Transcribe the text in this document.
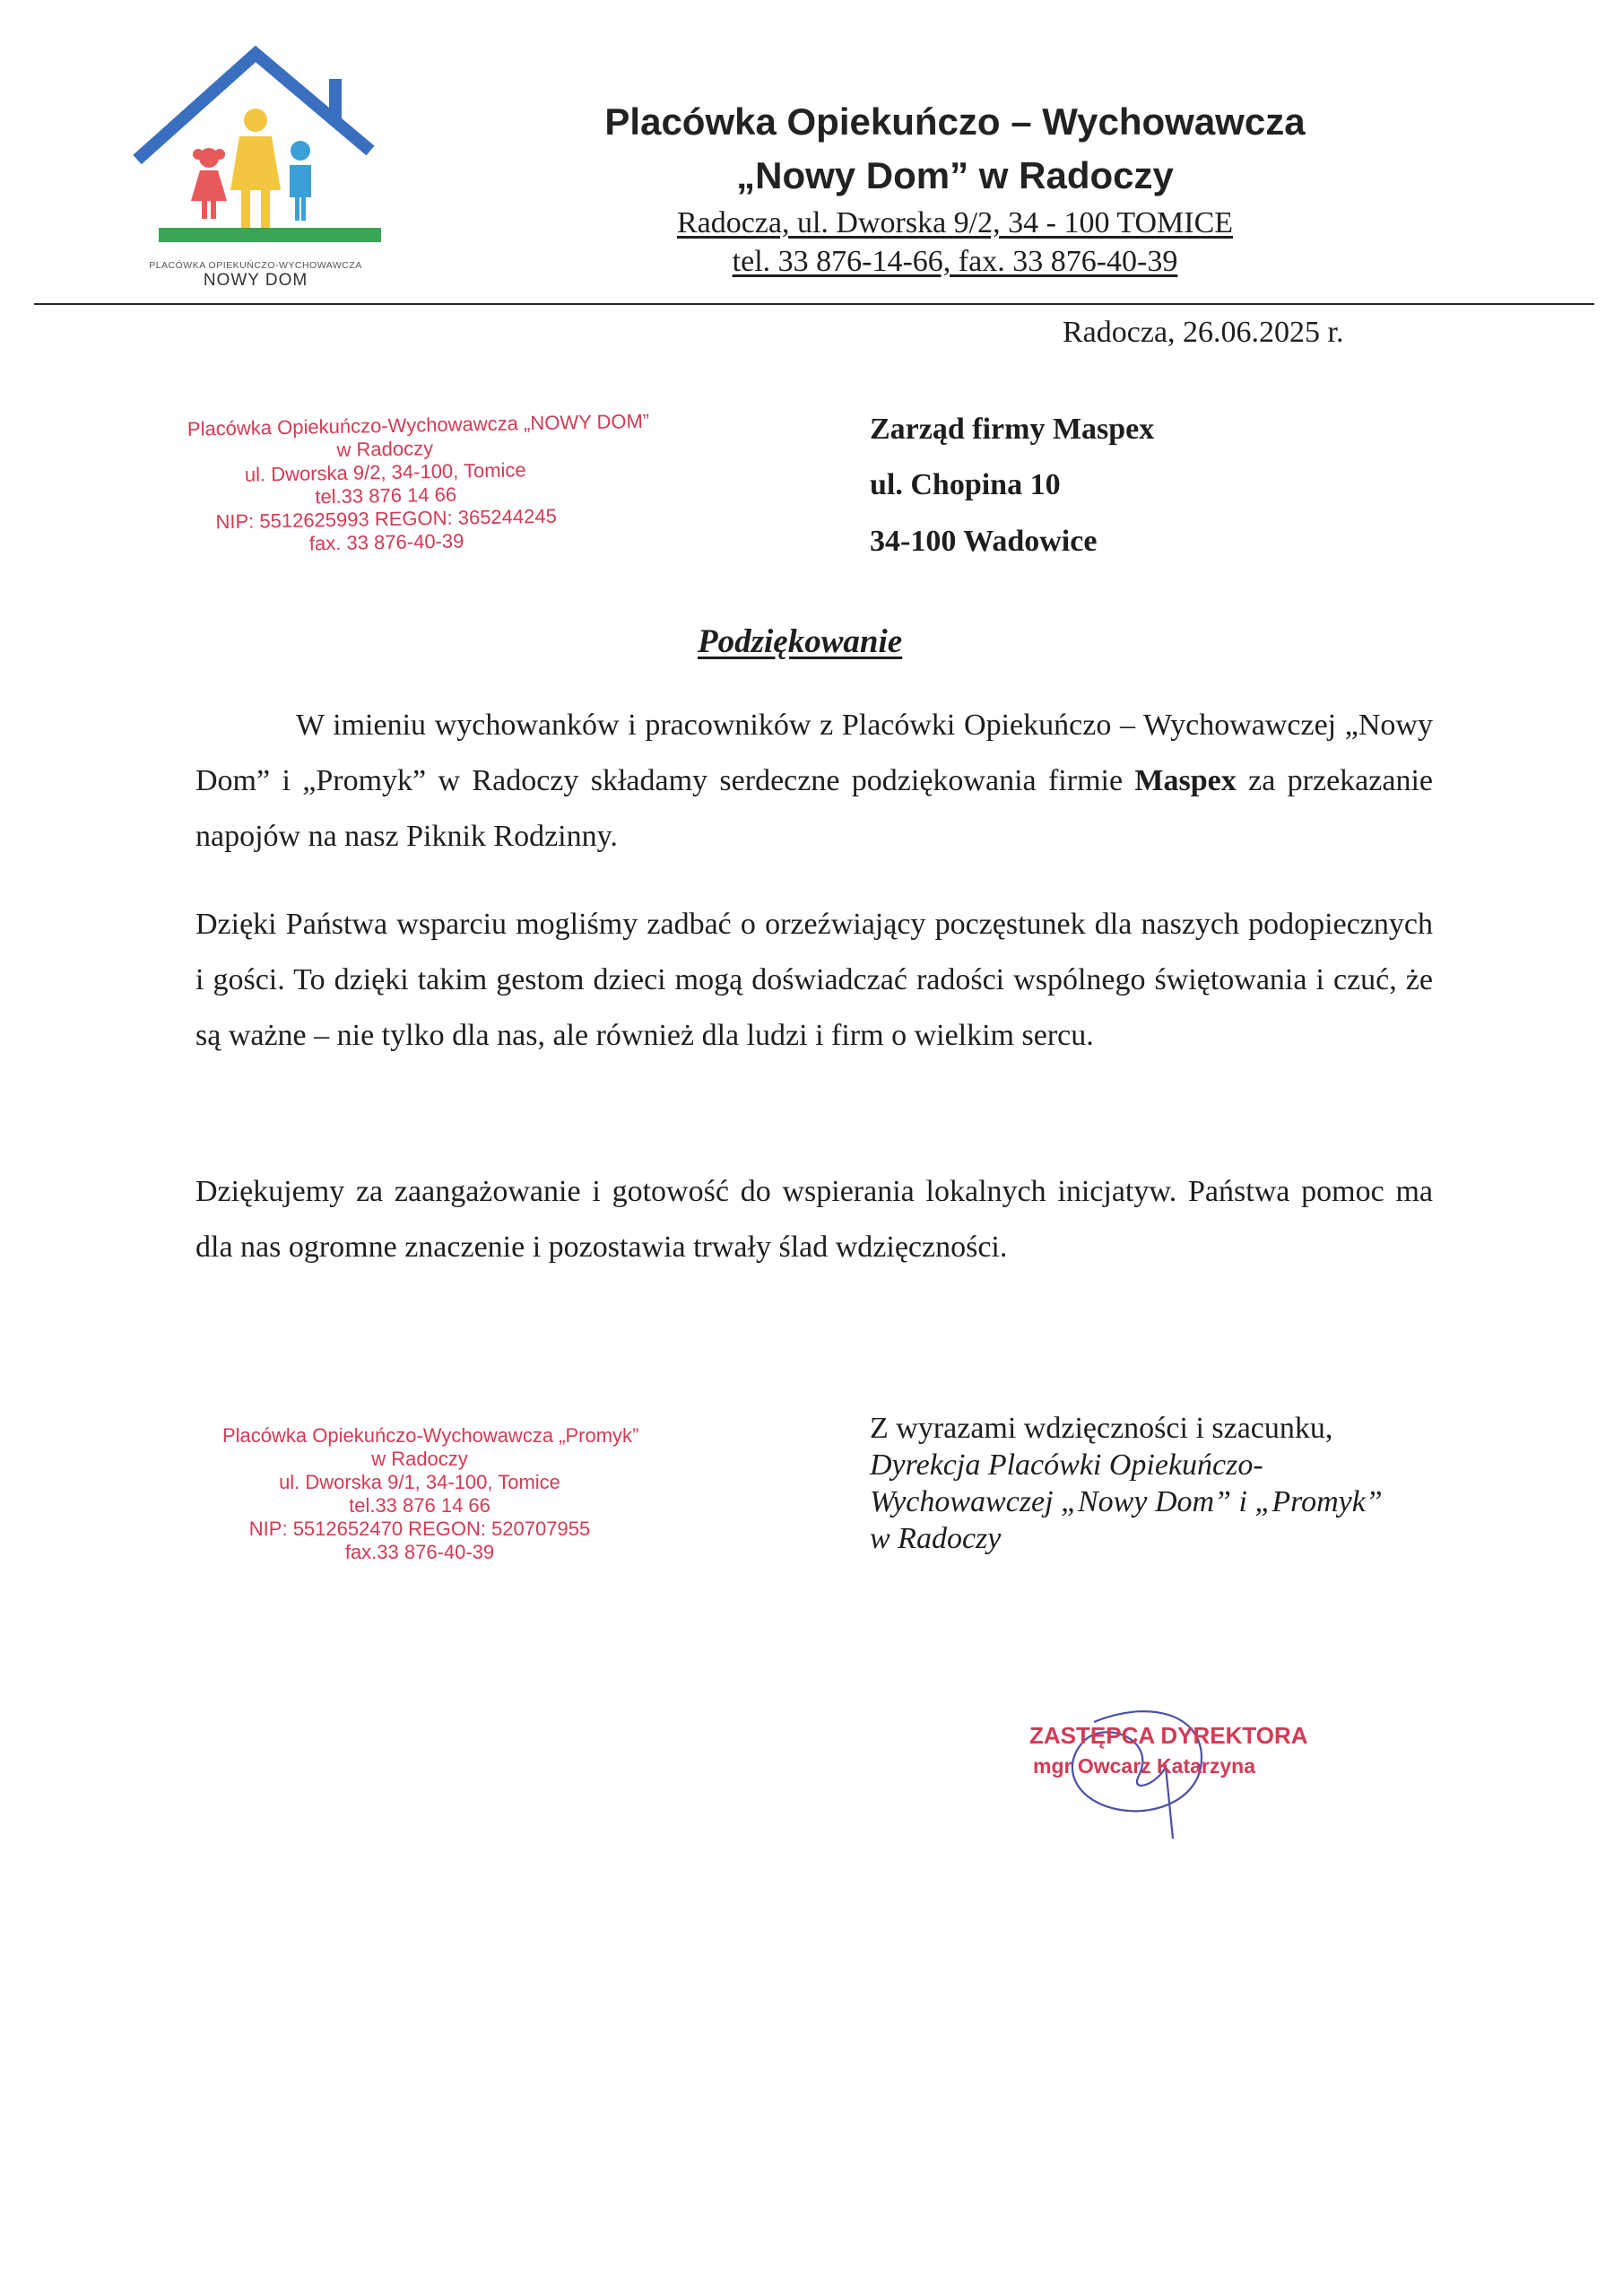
PLACÓWKA OPIEKUŃCZO-WYCHOWAWCZA
NOWY DOM
Placówka Opiekuńczo – Wychowawcza
„Nowy Dom” w Radoczy
Radocza, ul. Dworska 9/2, 34 - 100 TOMICE
tel. 33 876-14-66, fax. 33 876-40-39
Radocza, 26.06.2025 r.
Placówka Opiekuńczo-Wychowawcza „NOWY DOM”
w Radoczy
ul. Dworska 9/2, 34-100, Tomice
tel.33 876 14 66
NIP: 5512625993 REGON: 365244245
fax. 33 876-40-39
Zarząd firmy Maspex
ul. Chopina 10
34-100 Wadowice
Podziękowanie
W imieniu wychowanków i pracowników z Placówki Opiekuńczo – Wychowawczej „Nowy Dom” i „Promyk” w Radoczy składamy serdeczne podziękowania firmie Maspex za przekazanie napojów na nasz Piknik Rodzinny.
Dzięki Państwa wsparciu mogliśmy zadbać o orzeźwiający poczęstunek dla naszych podopiecznych i gości. To dzięki takim gestom dzieci mogą doświadczać radości wspólnego świętowania i czuć, że są ważne – nie tylko dla nas, ale również dla ludzi i firm o wielkim sercu.
Dziękujemy za zaangażowanie i gotowość do wspierania lokalnych inicjatyw. Państwa pomoc ma dla nas ogromne znaczenie i pozostawia trwały ślad wdzięczności.
Placówka Opiekuńczo-Wychowawcza „Promyk”
w Radoczy
ul. Dworska 9/1, 34-100, Tomice
tel.33 876 14 66
NIP: 5512652470 REGON: 520707955
fax.33 876-40-39
Z wyrazami wdzięczności i szacunku,
Dyrekcja Placówki Opiekuńczo-
Wychowawczej „Nowy Dom” i „Promyk”
w Radoczy
ZASTĘPCA DYREKTORA
mgr Owcarz Katarzyna
